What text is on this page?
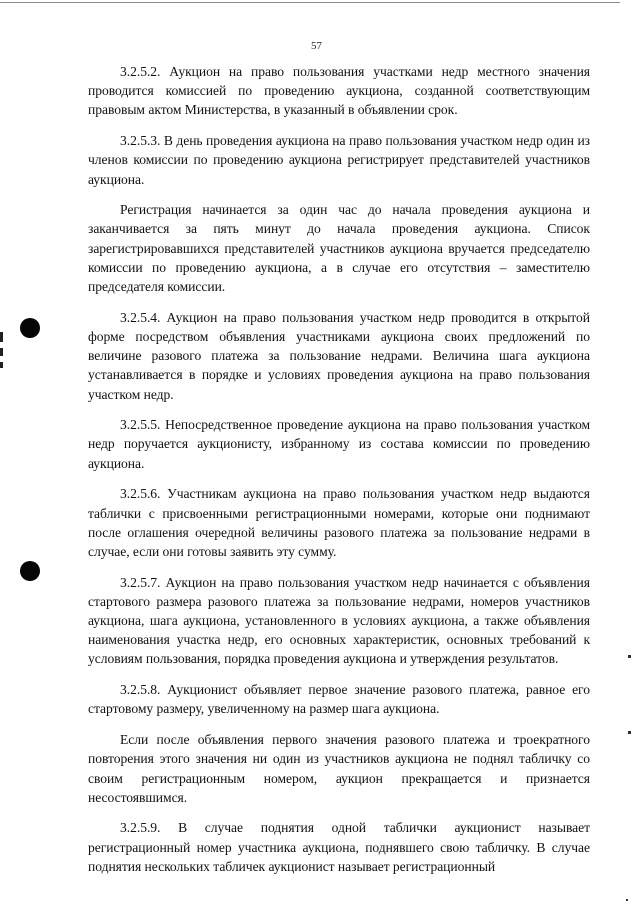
57

3.2.5.2. Аукцион на право пользования участками недр местного значения проводится комиссией по проведению аукциона, созданной соответствующим правовым актом Министерства, в указанный в объявлении срок.

3.2.5.3. В день проведения аукциона на право пользования участком недр один из членов комиссии по проведению аукциона регистрирует представителей участников аукциона.

Регистрация начинается за один час до начала проведения аукциона и заканчивается за пять минут до начала проведения аукциона. Список зарегистрировавшихся представителей участников аукциона вручается председателю комиссии по проведению аукциона, а в случае его отсутствия – заместителю председателя комиссии.

3.2.5.4. Аукцион на право пользования участком недр проводится в открытой форме посредством объявления участниками аукциона своих предложений по величине разового платежа за пользование недрами. Величина шага аукциона устанавливается в порядке и условиях проведения аукциона на право пользования участком недр.

3.2.5.5. Непосредственное проведение аукциона на право пользования участком недр поручается аукционисту, избранному из состава комиссии по проведению аукциона.

3.2.5.6. Участникам аукциона на право пользования участком недр выдаются таблички с присвоенными регистрационными номерами, которые они поднимают после оглашения очередной величины разового платежа за пользование недрами в случае, если они готовы заявить эту сумму.

3.2.5.7. Аукцион на право пользования участком недр начинается с объявления стартового размера разового платежа за пользование недрами, номеров участников аукциона, шага аукциона, установленного в условиях аукциона, а также объявления наименования участка недр, его основных характеристик, основных требований к условиям пользования, порядка проведения аукциона и утверждения результатов.

3.2.5.8. Аукционист объявляет первое значение разового платежа, равное его стартовому размеру, увеличенному на размер шага аукциона.

Если после объявления первого значения разового платежа и троекратного повторения этого значения ни один из участников аукциона не поднял табличку со своим регистрационным номером, аукцион прекращается и признается несостоявшимся.

3.2.5.9. В случае поднятия одной таблички аукционист называет регистрационный номер участника аукциона, поднявшего свою табличку. В случае поднятия нескольких табличек аукционист называет регистрационный
